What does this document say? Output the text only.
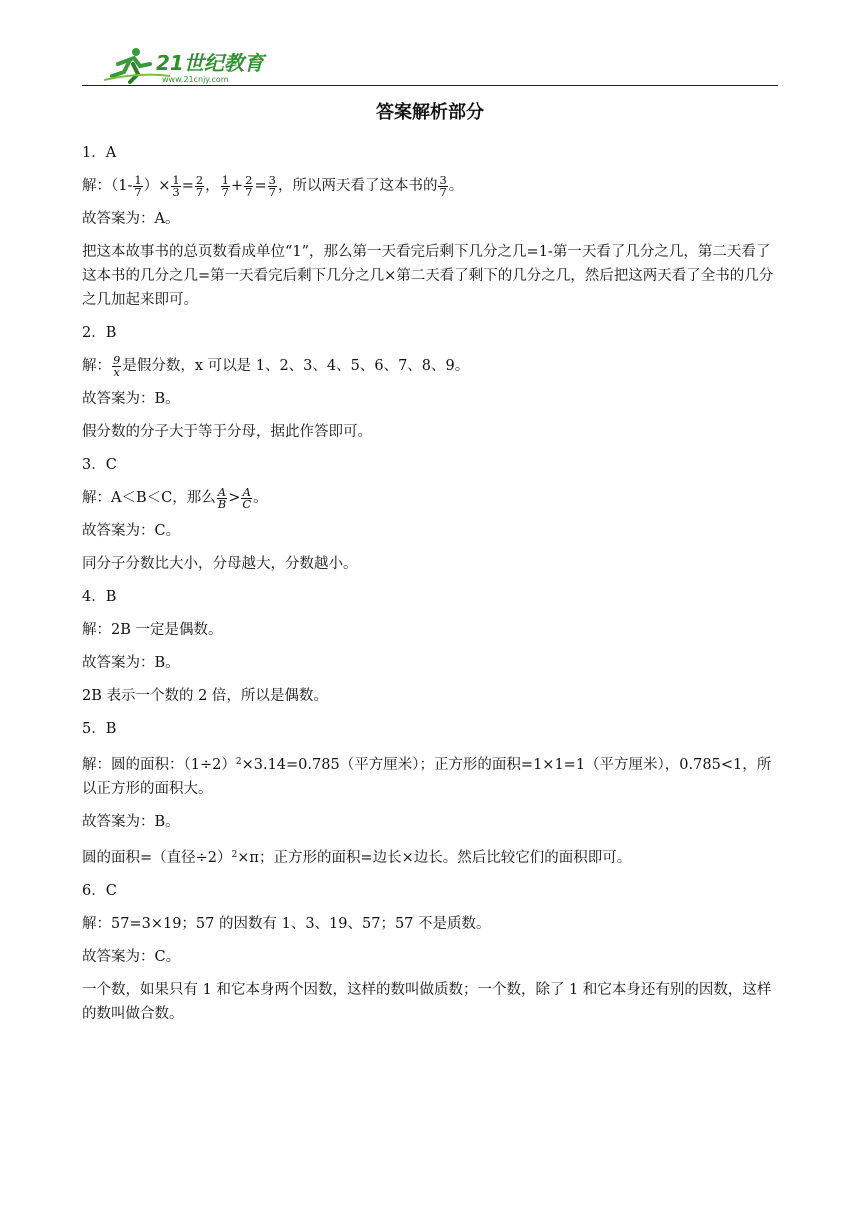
21世纪教育
www.21cnjy.com
答案解析部分

1．A

解：（$1- \frac{1}{7}$ ）× $\frac{1}{3} = \frac{2}{7}$ ， $\frac{1}{7} + \frac{2}{7} = \frac{3}{7}$ ，所以两天看了这本书的 $\frac{3}{7}$ 。

故答案为：A。

把这本故事书的总页数看成单位“1”，那么第一天看完后剩下几分之几=1-第一天看了几分之几，第二天看了这本书的几分之几=第一天看完后剩下几分之几×第二天看了剩下的几分之几，然后把这两天看了全书的几分之几加起来即可。

2．B

解： $\frac{9}{x}$ 是假分数，x 可以是 1、2、3、4、5、6、7、8、9。

故答案为：B。

假分数的分子大于等于分母，据此作答即可。

3．C

解：A＜B＜C，那么 $\frac{A}{B} > \frac{A}{C}$ 。

故答案为：C。

同分子分数比大小，分母越大，分数越小。

4．B

解：2B 一定是偶数。

故答案为：B。

2B 表示一个数的 2 倍，所以是偶数。

5．B

解：圆的面积：$(1\div 2)^2\times 3.14=0.785$（平方厘米）；正方形的面积=1×1=1（平方厘米），0.785<1，所以正方形的面积大。

故答案为：B。

圆的面积=（直径÷2）$^2$×π；正方形的面积=边长×边长。然后比较它们的面积即可。

6．C

解：57=3×19；57 的因数有 1、3、19、57；57 不是质数。

故答案为：C。

一个数，如果只有 1 和它本身两个因数，这样的数叫做质数；一个数，除了 1 和它本身还有别的因数，这样的数叫做合数。
